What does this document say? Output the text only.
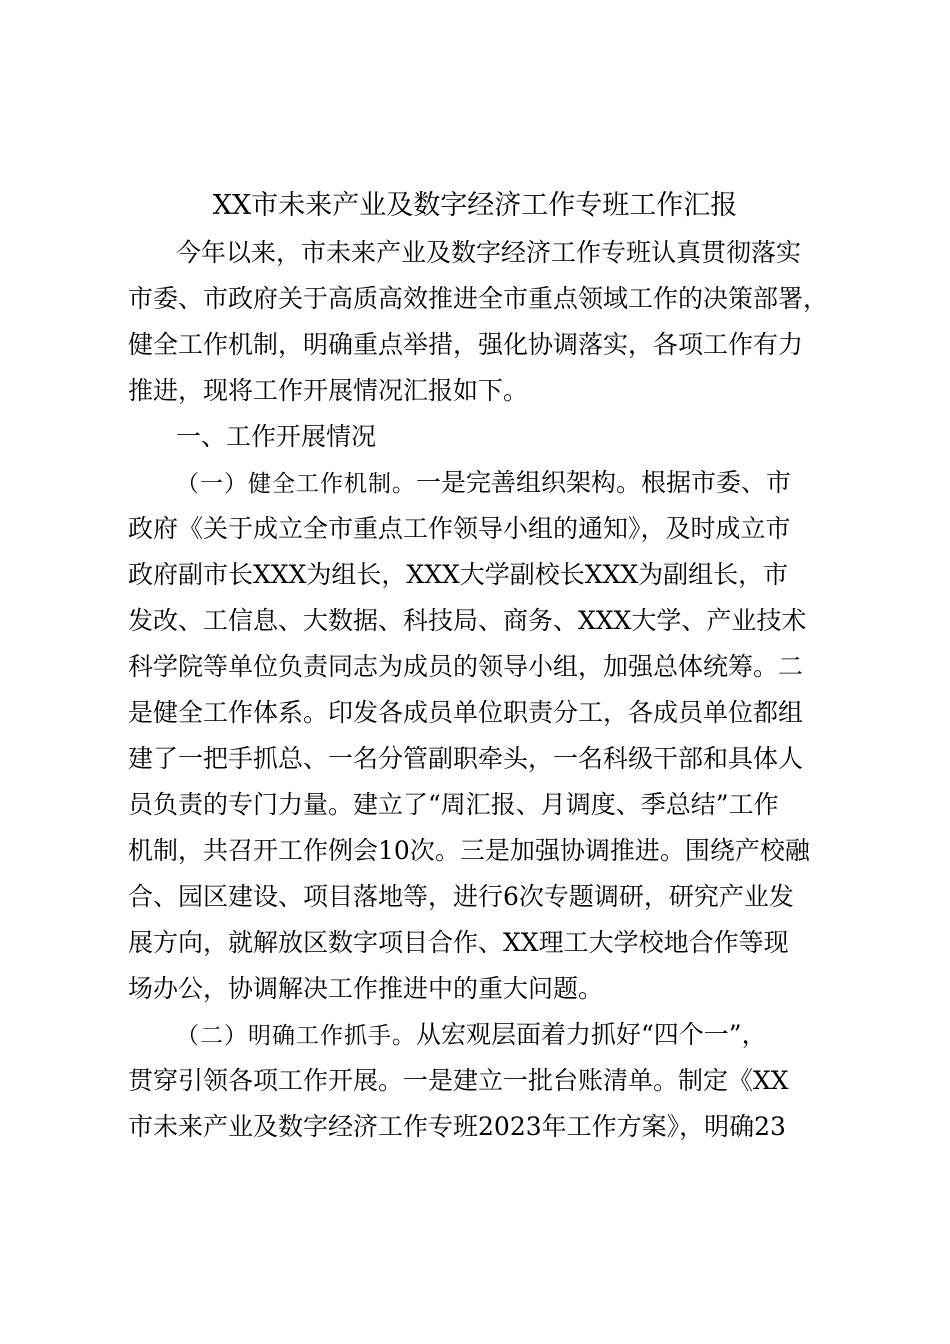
XX市未来产业及数字经济工作专班工作汇报

今年以来，市未来产业及数字经济工作专班认真贯彻落实

市委、市政府关于高质高效推进全市重点领域工作的决策部署，

健全工作机制，明确重点举措，强化协调落实，各项工作有力

推进，现将工作开展情况汇报如下。

一、工作开展情况

（一）健全工作机制。一是完善组织架构。根据市委、市

政府《关于成立全市重点工作领导小组的通知》，及时成立市

政府副市长XXX为组长，XXX大学副校长XXX为副组长，市

发改、工信息、大数据、科技局、商务、XXX大学、产业技术

科学院等单位负责同志为成员的领导小组，加强总体统筹。二

是健全工作体系。印发各成员单位职责分工，各成员单位都组

建了一把手抓总、一名分管副职牵头，一名科级干部和具体人

员负责的专门力量。建立了“周汇报、月调度、季总结”工作

机制，共召开工作例会10次。三是加强协调推进。围绕产校融

合、园区建设、项目落地等，进行6次专题调研，研究产业发

展方向，就解放区数字项目合作、XX理工大学校地合作等现

场办公，协调解决工作推进中的重大问题。

（二）明确工作抓手。从宏观层面着力抓好“四个一”，

贯穿引领各项工作开展。一是建立一批台账清单。制定《XX

市未来产业及数字经济工作专班2023年工作方案》，明确23
